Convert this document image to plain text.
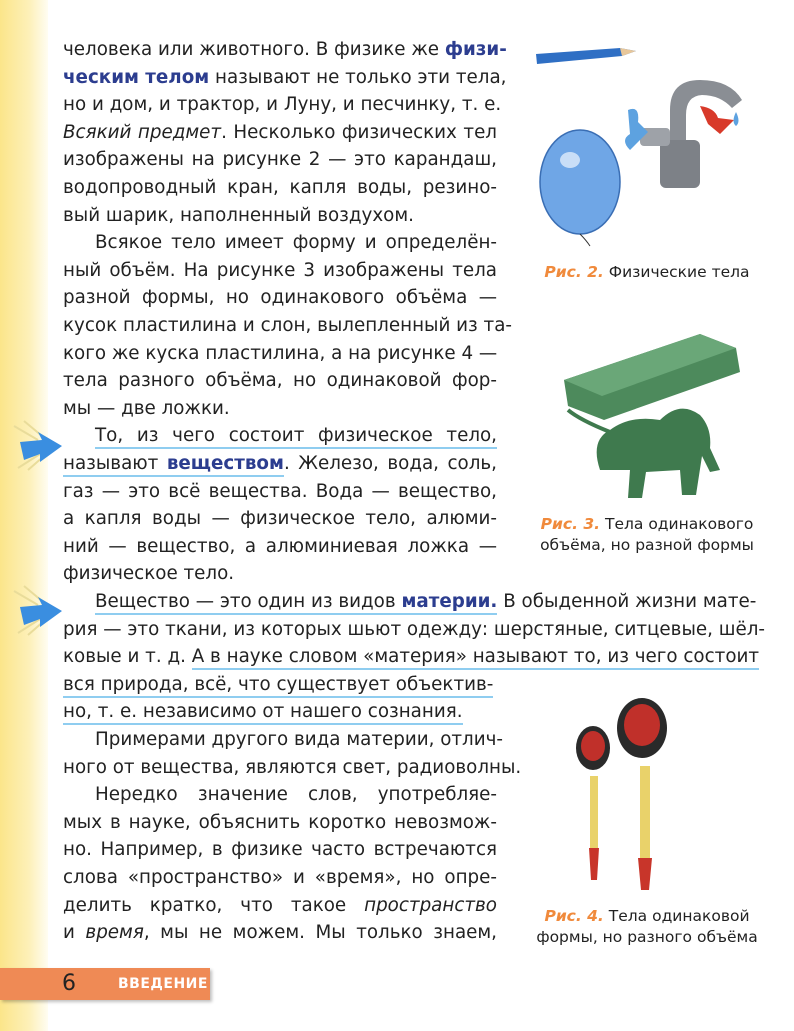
человека или животного. В физике же физи-
ческим телом называют не только эти тела,
но и дом, и трактор, и Луну, и песчинку, т. е.
Всякий предмет. Несколько физических тел
изображены на рисунке 2 — это карандаш,
водопроводный кран, капля воды, резино-
вый шарик, наполненный воздухом.
Всякое тело имеет форму и определён-
ный объём. На рисунке 3 изображены тела
разной формы, но одинакового объёма —
кусок пластилина и слон, вылепленный из та-
кого же куска пластилина, а на рисунке 4 —
тела разного объёма, но одинаковой фор-
мы — две ложки.
То, из чего состоит физическое тело,
называют веществом. Железо, вода, соль,
газ — это всё вещества. Вода — вещество,
а капля воды — физическое тело, алюми-
ний — вещество, а алюминиевая ложка —
физическое тело.
Вещество — это один из видов материи. В обыденной жизни мате-
рия — это ткани, из которых шьют одежду: шерстяные, ситцевые, шёл-
ковые и т. д. А в науке словом «материя» называют то, из чего состоит
вся природа, всё, что существует объектив-
но, т. е. независимо от нашего сознания.
Примерами другого вида материи, отлич-
ного от вещества, являются свет, радиоволны.
Нередко значение слов, употребляе-
мых в науке, объяснить коротко невозмож-
но. Например, в физике часто встречаются
слова «пространство» и «время», но опре-
делить кратко, что такое пространство
и время, мы не можем. Мы только знаем,
Рис. 2. Физические тела
Рис. 3. Тела одинакового
объёма, но разной формы
Рис. 4. Тела одинаковой
формы, но разного объёма
6	ВВЕДЕНИЕ
